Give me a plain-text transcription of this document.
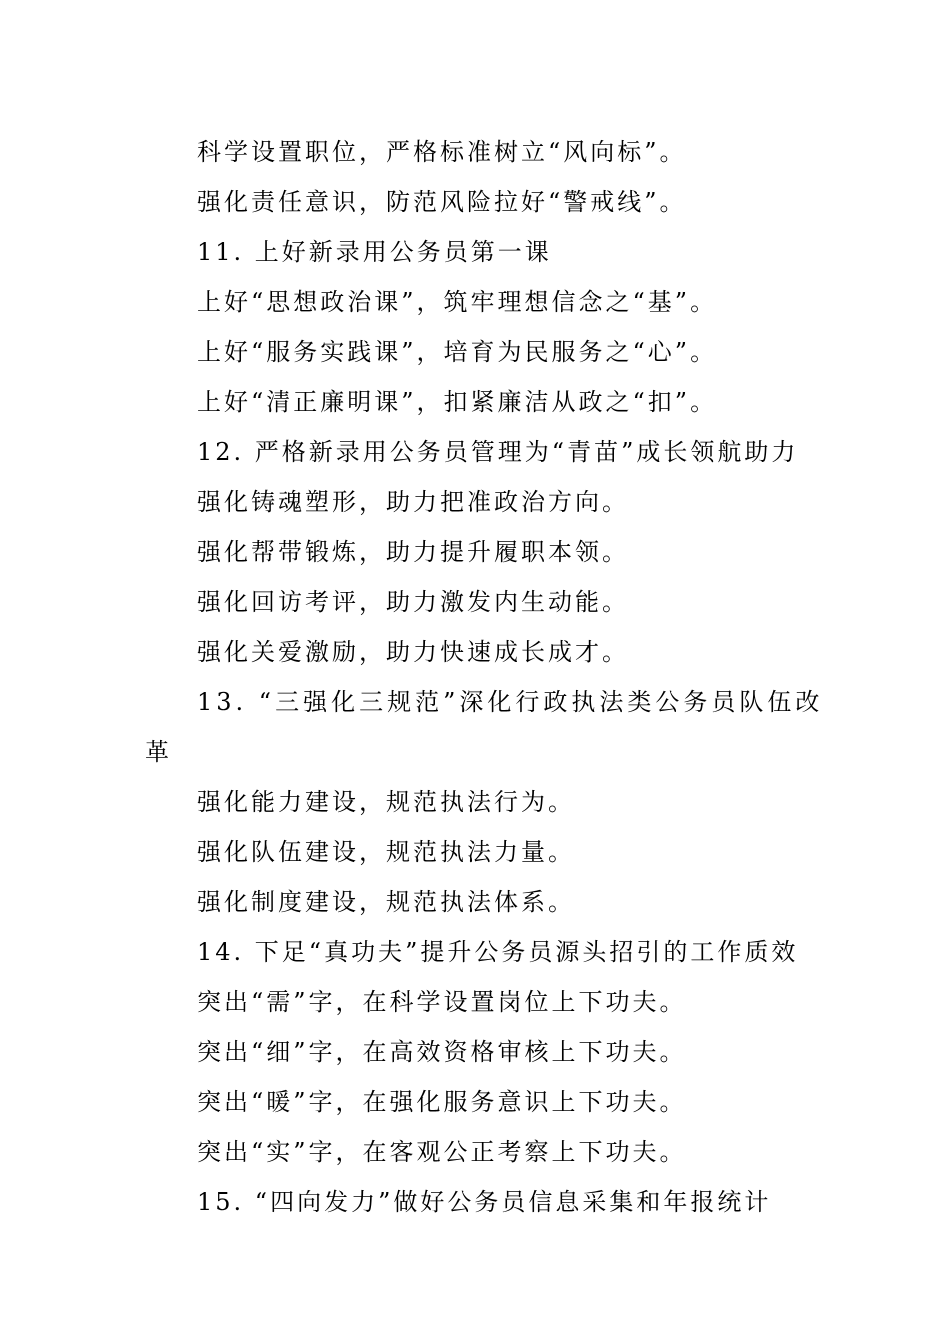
科学设置职位，严格标准树立“风向标”。
强化责任意识，防范风险拉好“警戒线”。
11. 上好新录用公务员第一课
上好“思想政治课”，筑牢理想信念之“基”。
上好“服务实践课”，培育为民服务之“心”。
上好“清正廉明课”，扣紧廉洁从政之“扣”。
12. 严格新录用公务员管理为“青苗”成长领航助力
强化铸魂塑形，助力把准政治方向。
强化帮带锻炼，助力提升履职本领。
强化回访考评，助力激发内生动能。
强化关爱激励，助力快速成长成才。
13. “三强化三规范”深化行政执法类公务员队伍改
革
强化能力建设，规范执法行为。
强化队伍建设，规范执法力量。
强化制度建设，规范执法体系。
14. 下足“真功夫”提升公务员源头招引的工作质效
突出“需”字，在科学设置岗位上下功夫。
突出“细”字，在高效资格审核上下功夫。
突出“暖”字，在强化服务意识上下功夫。
突出“实”字，在客观公正考察上下功夫。
15. “四向发力”做好公务员信息采集和年报统计
